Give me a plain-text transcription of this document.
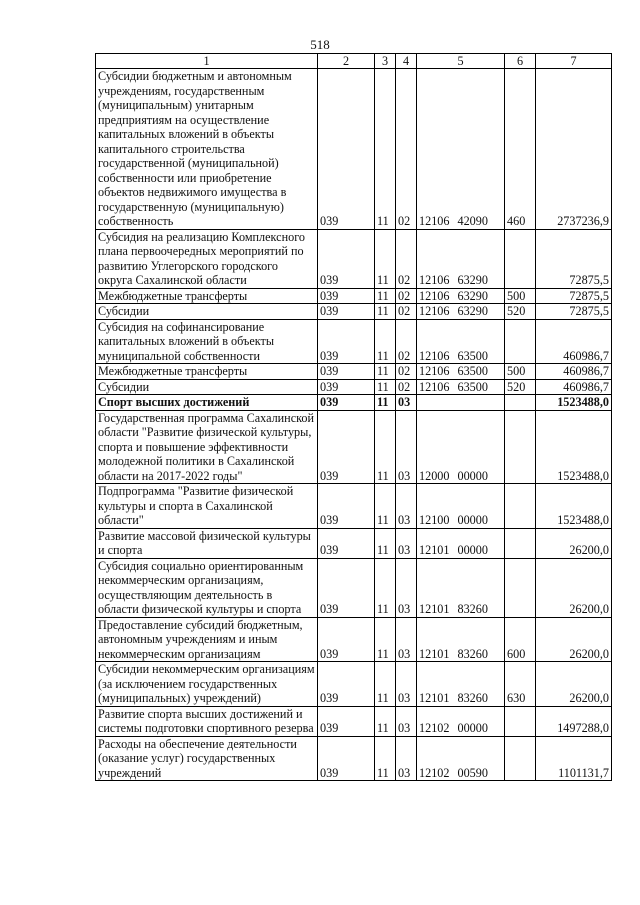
518
1	2	3	4	5	6	7
Субсидии бюджетным и автономным учреждениям, государственным (муниципальным) унитарным предприятиям на осуществление капитальных вложений в объекты капитального строительства государственной (муниципальной) собственности или приобретение объектов недвижимого имущества в государственную (муниципальную) собственность	039	11	02	12106 42090	460	2737236,9
Субсидия на реализацию Комплексного плана первоочередных мероприятий по развитию Углегорского городского округа Сахалинской области	039	11	02	12106 63290		72875,5
Межбюджетные трансферты	039	11	02	12106 63290	500	72875,5
Субсидии	039	11	02	12106 63290	520	72875,5
Субсидия на софинансирование капитальных вложений в объекты муниципальной собственности	039	11	02	12106 63500		460986,7
Межбюджетные трансферты	039	11	02	12106 63500	500	460986,7
Субсидии	039	11	02	12106 63500	520	460986,7
Спорт высших достижений	039	11	03			1523488,0
Государственная программа Сахалинской области "Развитие физической культуры, спорта и повышение эффективности молодежной политики в Сахалинской области на 2017-2022 годы"	039	11	03	12000 00000		1523488,0
Подпрограмма "Развитие физической культуры и спорта в Сахалинской области"	039	11	03	12100 00000		1523488,0
Развитие массовой физической культуры и спорта	039	11	03	12101 00000		26200,0
Субсидия социально ориентированным некоммерческим организациям, осуществляющим деятельность в области физической культуры и спорта	039	11	03	12101 83260		26200,0
Предоставление субсидий бюджетным, автономным учреждениям и иным некоммерческим организациям	039	11	03	12101 83260	600	26200,0
Субсидии некоммерческим организациям (за исключением государственных (муниципальных) учреждений)	039	11	03	12101 83260	630	26200,0
Развитие спорта высших достижений и системы подготовки спортивного резерва	039	11	03	12102 00000		1497288,0
Расходы на обеспечение деятельности (оказание услуг) государственных учреждений	039	11	03	12102 00590		1101131,7
